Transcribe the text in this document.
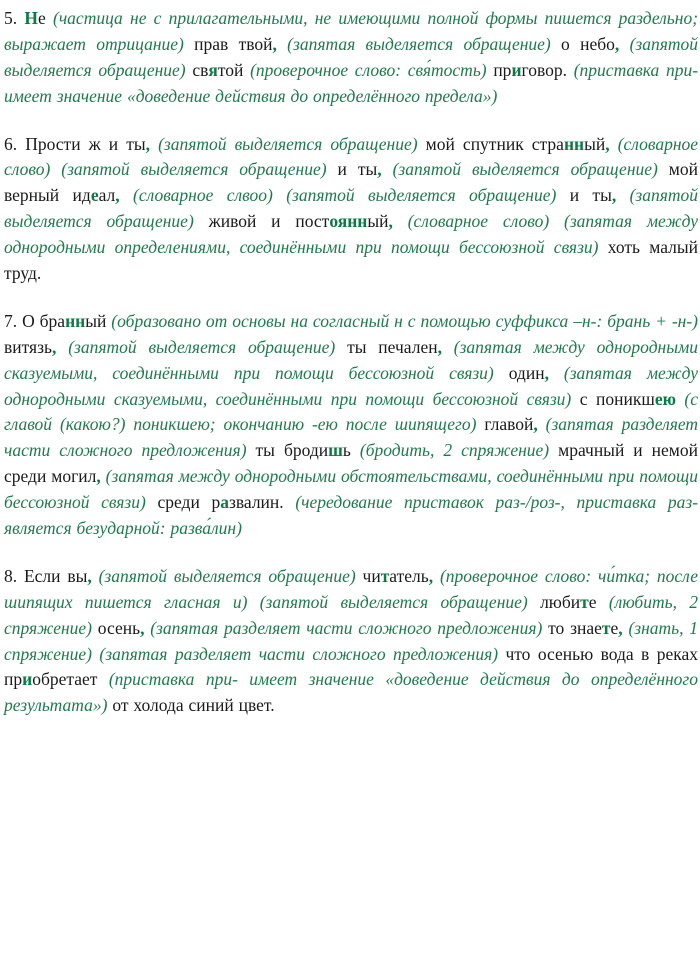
5. Не (частица не с прилагательными, не имеющими полной формы пишется раздельно; выражает отрицание) прав твой, (запятая выделяется обращение) о небо, (запятой выделяется обращение) святой (проверочное слово: свя́тость) приговор. (приставка при- имеет значение «доведение действия до определённого предела»)

6. Прости ж и ты, (запятой выделяется обращение) мой спутник странный, (словарное слово) (запятой выделяется обращение) и ты, (запятой выделяется обращение) мой верный идеал, (словарное слвоо) (запятой выделяется обращение) и ты, (запятой выделяется обращение) живой и постоянный, (словарное слово) (запятая между однородными определениями, соединёнными при помощи бессоюзной связи) хоть малый труд.

7. О бранный (образовано от основы на согласный н с помощью суффикса –н-: брань + -н-) витязь, (запятой выделяется обращение) ты печален, (запятая между однородными сказуемыми, соединёнными при помощи бессоюзной связи) один, (запятая между однородными сказуемыми, соединёнными при помощи бессоюзной связи) с поникшею (с главой (какою?) поникшею; окончанию -ею после шипящего) главой, (запятая разделяет части сложного предложения) ты бродишь (бродить, 2 спряжение) мрачный и немой среди могил, (запятая между однородными обстоятельствами, соединёнными при помощи бессоюзной связи) среди развалин. (чередование приставок раз-/роз-, приставка раз- является безударной: разва́лин)

8. Если вы, (запятой выделяется обращение) читатель, (проверочное слово: чи́тка; после шипящих пишется гласная и) (запятой выделяется обращение) любите (любить, 2 спряжение) осень, (запятая разделяет части сложного предложения) то знаете, (знать, 1 спряжение) (запятая разделяет части сложного предложения) что осенью вода в реках приобретает (приставка при- имеет значение «доведение действия до определённого результата») от холода синий цвет.
